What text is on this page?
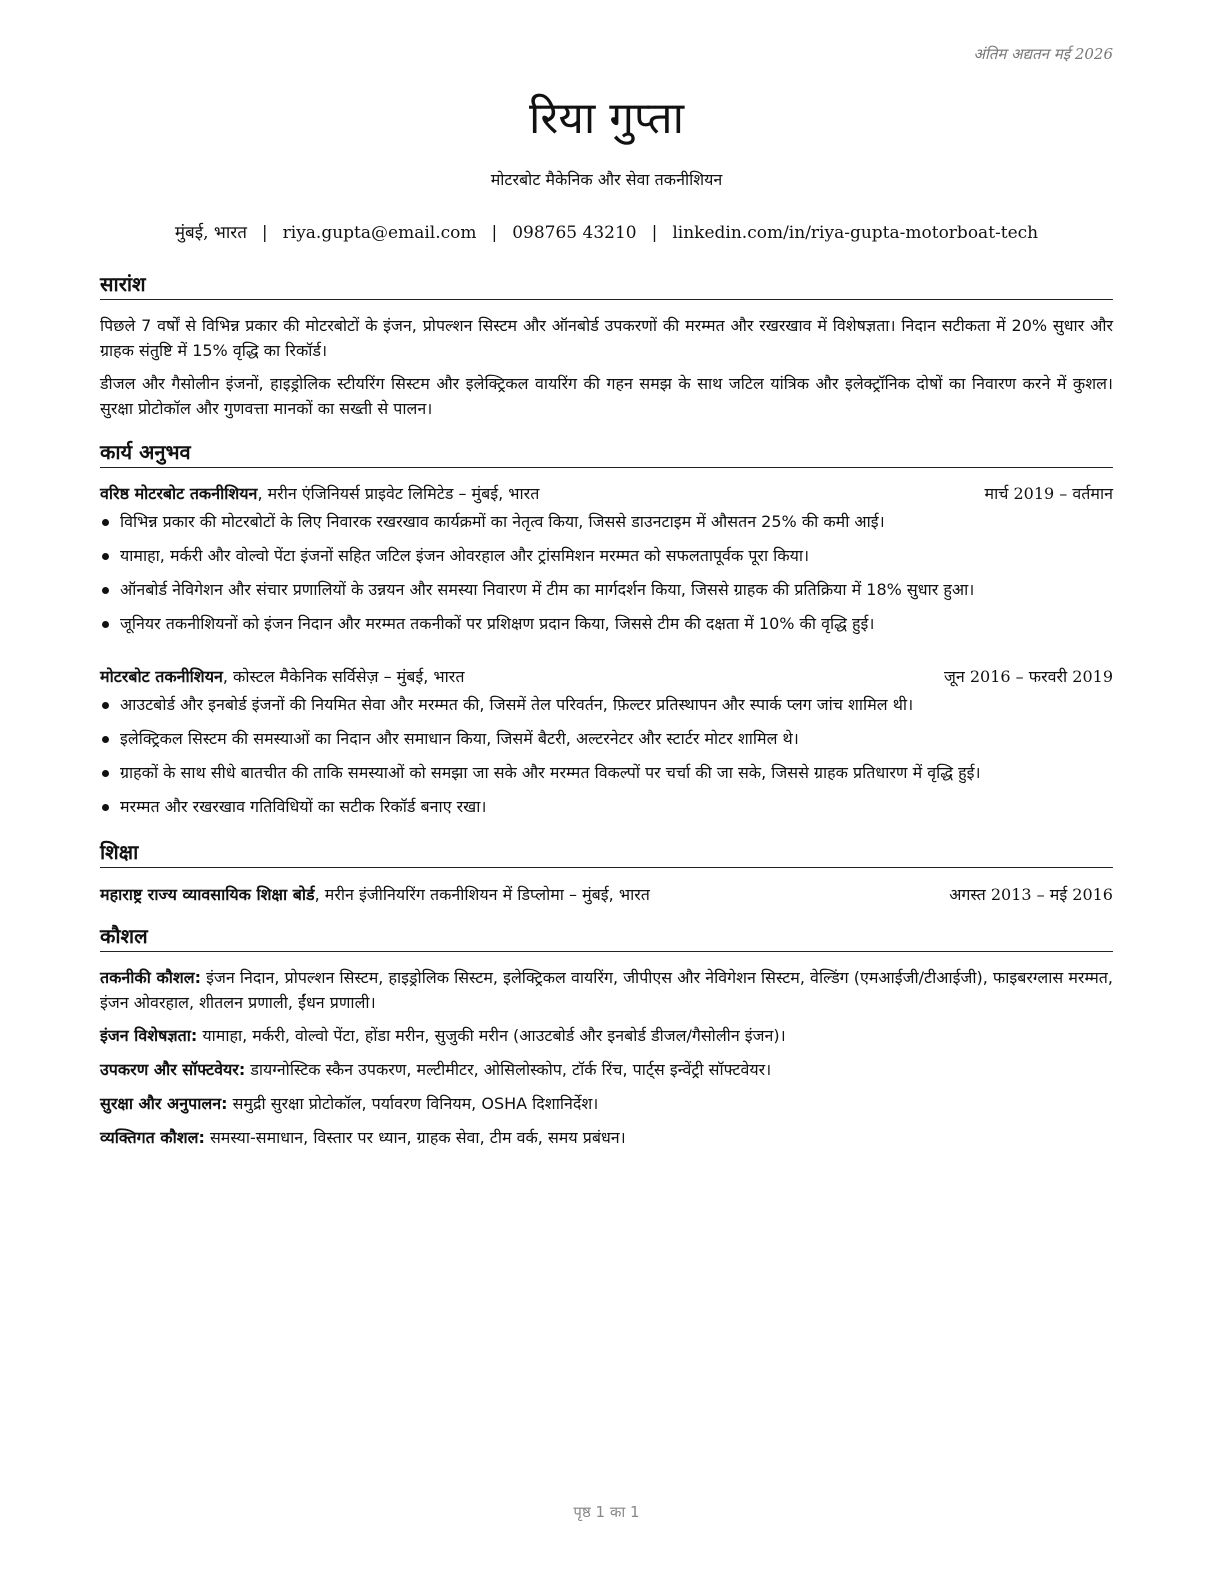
अंतिम अद्यतन मई 2026
रिया गुप्ता
मोटरबोट मैकेनिक और सेवा तकनीशियन
मुंबई, भारत | riya.gupta@email.com | 098765 43210 | linkedin.com/in/riya-gupta-motorboat-tech
सारांश
पिछले 7 वर्षों से विभिन्न प्रकार की मोटरबोटों के इंजन, प्रोपल्शन सिस्टम और ऑनबोर्ड उपकरणों की मरम्मत और रखरखाव में विशेषज्ञता। निदान सटीकता में 20% सुधार और ग्राहक संतुष्टि में 15% वृद्धि का रिकॉर्ड।
डीजल और गैसोलीन इंजनों, हाइड्रोलिक स्टीयरिंग सिस्टम और इलेक्ट्रिकल वायरिंग की गहन समझ के साथ जटिल यांत्रिक और इलेक्ट्रॉनिक दोषों का निवारण करने में कुशल। सुरक्षा प्रोटोकॉल और गुणवत्ता मानकों का सख्ती से पालन।
कार्य अनुभव
वरिष्ठ मोटरबोट तकनीशियन, मरीन एंजिनियर्स प्राइवेट लिमिटेड – मुंबई, भारत	मार्च 2019 – वर्तमान
विभिन्न प्रकार की मोटरबोटों के लिए निवारक रखरखाव कार्यक्रमों का नेतृत्व किया, जिससे डाउनटाइम में औसतन 25% की कमी आई।
यामाहा, मर्करी और वोल्वो पेंटा इंजनों सहित जटिल इंजन ओवरहाल और ट्रांसमिशन मरम्मत को सफलतापूर्वक पूरा किया।
ऑनबोर्ड नेविगेशन और संचार प्रणालियों के उन्नयन और समस्या निवारण में टीम का मार्गदर्शन किया, जिससे ग्राहक की प्रतिक्रिया में 18% सुधार हुआ।
जूनियर तकनीशियनों को इंजन निदान और मरम्मत तकनीकों पर प्रशिक्षण प्रदान किया, जिससे टीम की दक्षता में 10% की वृद्धि हुई।
मोटरबोट तकनीशियन, कोस्टल मैकेनिक सर्विसेज़ – मुंबई, भारत	जून 2016 – फरवरी 2019
आउटबोर्ड और इनबोर्ड इंजनों की नियमित सेवा और मरम्मत की, जिसमें तेल परिवर्तन, फ़िल्टर प्रतिस्थापन और स्पार्क प्लग जांच शामिल थी।
इलेक्ट्रिकल सिस्टम की समस्याओं का निदान और समाधान किया, जिसमें बैटरी, अल्टरनेटर और स्टार्टर मोटर शामिल थे।
ग्राहकों के साथ सीधे बातचीत की ताकि समस्याओं को समझा जा सके और मरम्मत विकल्पों पर चर्चा की जा सके, जिससे ग्राहक प्रतिधारण में वृद्धि हुई।
मरम्मत और रखरखाव गतिविधियों का सटीक रिकॉर्ड बनाए रखा।
शिक्षा
महाराष्ट्र राज्य व्यावसायिक शिक्षा बोर्ड, मरीन इंजीनियरिंग तकनीशियन में डिप्लोमा – मुंबई, भारत	अगस्त 2013 – मई 2016
कौशल
तकनीकी कौशल: इंजन निदान, प्रोपल्शन सिस्टम, हाइड्रोलिक सिस्टम, इलेक्ट्रिकल वायरिंग, जीपीएस और नेविगेशन सिस्टम, वेल्डिंग (एमआईजी/टीआईजी), फाइबरग्लास मरम्मत, इंजन ओवरहाल, शीतलन प्रणाली, ईंधन प्रणाली।
इंजन विशेषज्ञता: यामाहा, मर्करी, वोल्वो पेंटा, होंडा मरीन, सुजुकी मरीन (आउटबोर्ड और इनबोर्ड डीजल/गैसोलीन इंजन)।
उपकरण और सॉफ्टवेयर: डायग्नोस्टिक स्कैन उपकरण, मल्टीमीटर, ओसिलोस्कोप, टॉर्क रिंच, पार्ट्स इन्वेंट्री सॉफ्टवेयर।
सुरक्षा और अनुपालन: समुद्री सुरक्षा प्रोटोकॉल, पर्यावरण विनियम, OSHA दिशानिर्देश।
व्यक्तिगत कौशल: समस्या-समाधान, विस्तार पर ध्यान, ग्राहक सेवा, टीम वर्क, समय प्रबंधन।
पृष्ठ 1 का 1
